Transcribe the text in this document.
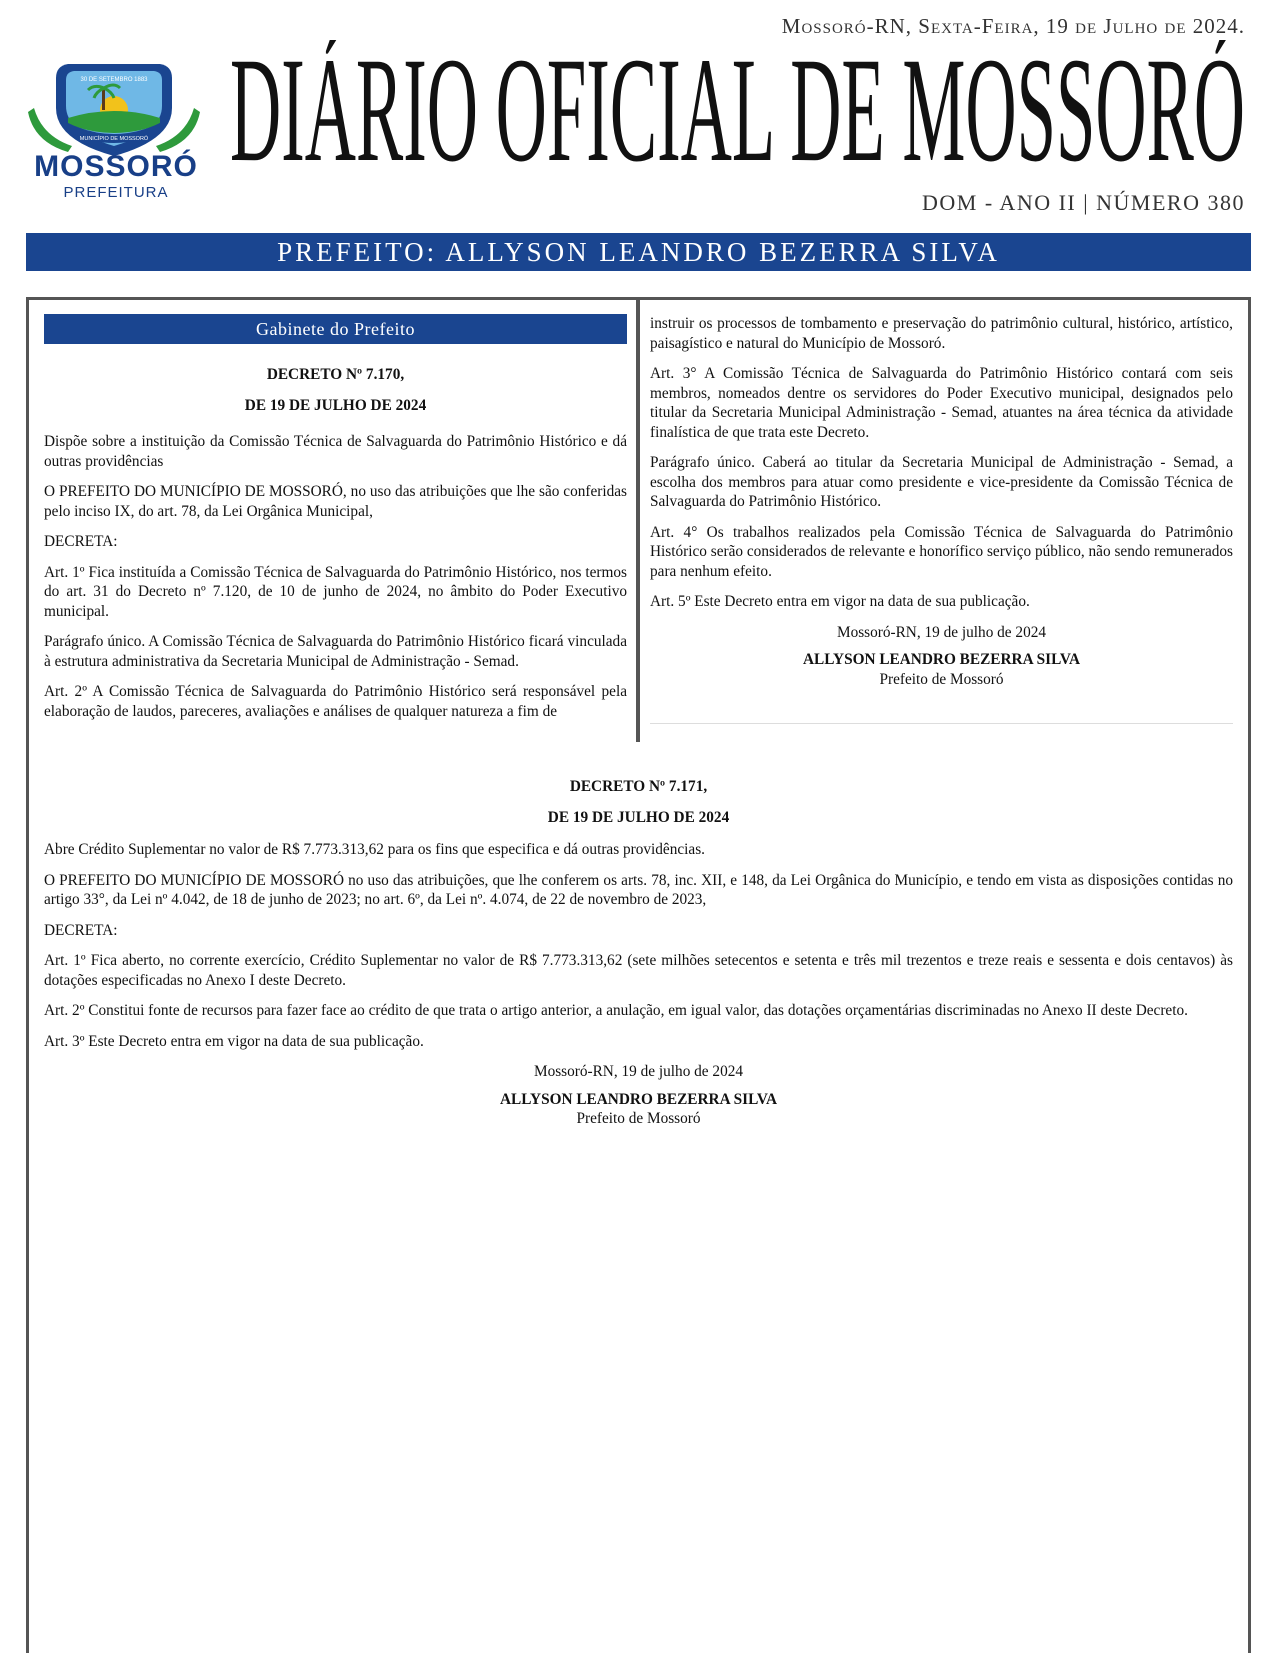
Mossoró-RN, Sexta-Feira, 19 de Julho de 2024.
30 DE SETEMBRO 1883
MUNICÍPIO DE MOSSORÓ
MOSSORÓ
PREFEITURA DIÁRIO OFICIAL DE MOSSORÓ
DOM - ANO II | NÚMERO 380
PREFEITO: ALLYSON LEANDRO BEZERRA SILVA
Gabinete do Prefeito

DECRETO Nº 7.170,

DE 19 DE JULHO DE 2024

Dispõe sobre a instituição da Comissão Técnica de Salvaguarda do Patrimônio Histórico e dá outras providências

O PREFEITO DO MUNICÍPIO DE MOSSORÓ, no uso das atribuições que lhe são conferidas pelo inciso IX, do art. 78, da Lei Orgânica Municipal,

DECRETA:

Art. 1º Fica instituída a Comissão Técnica de Salvaguarda do Patrimônio Histórico, nos termos do art. 31 do Decreto nº 7.120, de 10 de junho de 2024, no âmbito do Poder Executivo municipal.

Parágrafo único. A Comissão Técnica de Salvaguarda do Patrimônio Histórico ficará vinculada à estrutura administrativa da Secretaria Municipal de Administração - Semad.

Art. 2º A Comissão Técnica de Salvaguarda do Patrimônio Histórico será responsável pela elaboração de laudos, pareceres, avaliações e análises de qualquer natureza a fim de

instruir os processos de tombamento e preservação do patrimônio cultural, histórico, artístico, paisagístico e natural do Município de Mossoró.

Art. 3° A Comissão Técnica de Salvaguarda do Patrimônio Histórico contará com seis membros, nomeados dentre os servidores do Poder Executivo municipal, designados pelo titular da Secretaria Municipal Administração - Semad, atuantes na área técnica da atividade finalística de que trata este Decreto.

Parágrafo único. Caberá ao titular da Secretaria Municipal de Administração - Semad, a escolha dos membros para atuar como presidente e vice-presidente da Comissão Técnica de Salvaguarda do Patrimônio Histórico.

Art. 4° Os trabalhos realizados pela Comissão Técnica de Salvaguarda do Patrimônio Histórico serão considerados de relevante e honorífico serviço público, não sendo remunerados para nenhum efeito.

Art. 5º Este Decreto entra em vigor na data de sua publicação.

Mossoró-RN, 19 de julho de 2024

ALLYSON LEANDRO BEZERRA SILVA

Prefeito de Mossoró

DECRETO Nº 7.171,

DE 19 DE JULHO DE 2024

Abre Crédito Suplementar no valor de R$ 7.773.313,62 para os fins que especifica e dá outras providências.

O PREFEITO DO MUNICÍPIO DE MOSSORÓ no uso das atribuições, que lhe conferem os arts. 78, inc. XII, e 148, da Lei Orgânica do Município, e tendo em vista as disposições contidas no artigo 33°, da Lei nº 4.042, de 18 de junho de 2023; no art. 6º, da Lei nº. 4.074, de 22 de novembro de 2023,

DECRETA:

Art. 1º Fica aberto, no corrente exercício, Crédito Suplementar no valor de R$ 7.773.313,62 (sete milhões setecentos e setenta e três mil trezentos e treze reais e sessenta e dois centavos) às dotações especificadas no Anexo I deste Decreto.

Art. 2º Constitui fonte de recursos para fazer face ao crédito de que trata o artigo anterior, a anulação, em igual valor, das dotações orçamentárias discriminadas no Anexo II deste Decreto.

Art. 3º Este Decreto entra em vigor na data de sua publicação.

Mossoró-RN, 19 de julho de 2024

ALLYSON LEANDRO BEZERRA SILVA

Prefeito de Mossoró
